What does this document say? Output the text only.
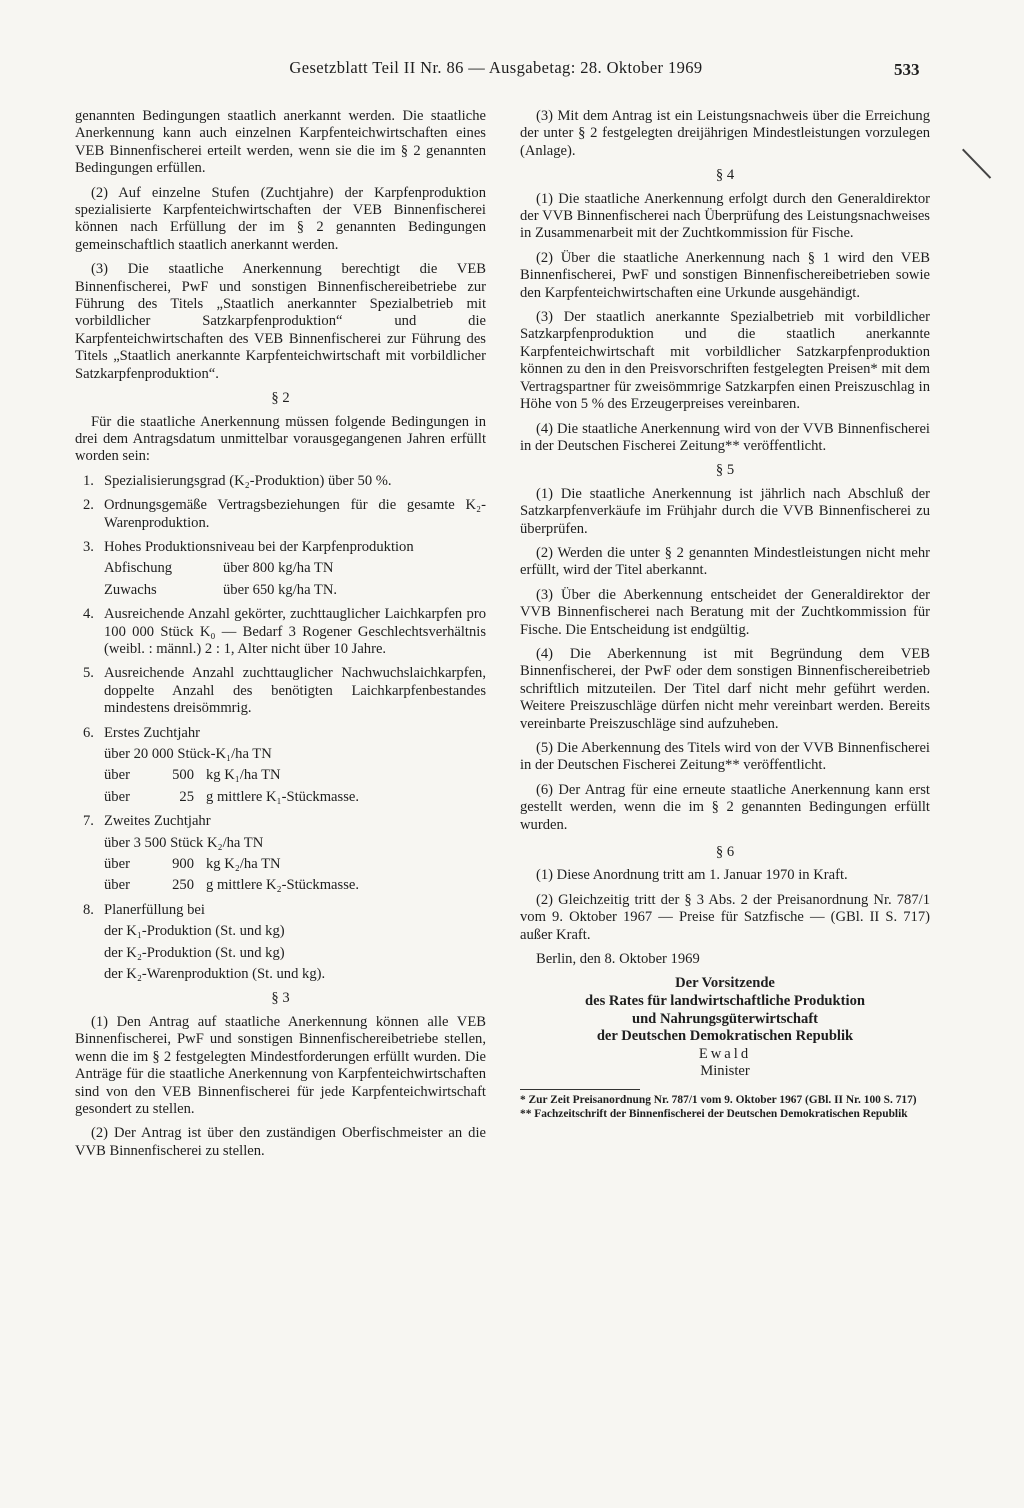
Gesetzblatt Teil II Nr. 86 — Ausgabetag: 28. Oktober 1969	533

genannten Bedingungen staatlich anerkannt werden. Die staatliche Anerkennung kann auch einzelnen Karpfenteichwirtschaften eines VEB Binnenfischerei erteilt werden, wenn sie die im § 2 genannten Bedingungen erfüllen.

(2) Auf einzelne Stufen (Zuchtjahre) der Karpfenproduktion spezialisierte Karpfenteichwirtschaften der VEB Binnenfischerei können nach Erfüllung der im § 2 genannten Bedingungen gemeinschaftlich staatlich anerkannt werden.

(3) Die staatliche Anerkennung berechtigt die VEB Binnenfischerei, PwF und sonstigen Binnenfischereibetriebe zur Führung des Titels „Staatlich anerkannter Spezialbetrieb mit vorbildlicher Satzkarpfenproduktion“ und die Karpfenteichwirtschaften des VEB Binnenfischerei zur Führung des Titels „Staatlich anerkannte Karpfenteichwirtschaft mit vorbildlicher Satzkarpfenproduktion“.

§ 2

Für die staatliche Anerkennung müssen folgende Bedingungen in drei dem Antragsdatum unmittelbar vorausgegangenen Jahren erfüllt worden sein:

1. Spezialisierungsgrad (K₂-Produktion) über 50 %.
2. Ordnungsgemäße Vertragsbeziehungen für die gesamte K₂-Warenproduktion.
3. Hohes Produktionsniveau bei der Karpfenproduktion
Abfischung	über 800 kg/ha TN
Zuwachs	über 650 kg/ha TN.
4. Ausreichende Anzahl gekörter, zuchttauglicher Laichkarpfen pro 100 000 Stück K₀ — Bedarf 3 Rogener Geschlechtsverhältnis (weibl. : männl.) 2 : 1, Alter nicht über 10 Jahre.
5. Ausreichende Anzahl zuchttauglicher Nachwuchslaichkarpfen, doppelte Anzahl des benötigten Laichkarpfenbestandes mindestens dreisömmrig.
6. Erstes Zuchtjahr
über 20 000 Stück-K₁/ha TN
über	500 kg K₁/ha TN
über	25 g mittlere K₁-Stückmasse.
7. Zweites Zuchtjahr
über 3 500 Stück K₂/ha TN
über	900 kg K₂/ha TN
über	250 g mittlere K₂-Stückmasse.
8. Planerfüllung bei
der K₁-Produktion (St. und kg)
der K₂-Produktion (St. und kg)
der K₂-Warenproduktion (St. und kg).
§ 3

(1) Den Antrag auf staatliche Anerkennung können alle VEB Binnenfischerei, PwF und sonstigen Binnenfischereibetriebe stellen, wenn die im § 2 festgelegten Mindestforderungen erfüllt wurden. Die Anträge für die staatliche Anerkennung von Karpfenteichwirtschaften sind von den VEB Binnenfischerei für jede Karpfenteichwirtschaft gesondert zu stellen.

(2) Der Antrag ist über den zuständigen Oberfischmeister an die VVB Binnenfischerei zu stellen.

(3) Mit dem Antrag ist ein Leistungsnachweis über die Erreichung der unter § 2 festgelegten dreijährigen Mindestleistungen vorzulegen (Anlage).

§ 4

(1) Die staatliche Anerkennung erfolgt durch den Generaldirektor der VVB Binnenfischerei nach Überprüfung des Leistungsnachweises in Zusammenarbeit mit der Zuchtkommission für Fische.

(2) Über die staatliche Anerkennung nach § 1 wird den VEB Binnenfischerei, PwF und sonstigen Binnenfischereibetrieben sowie den Karpfenteichwirtschaften eine Urkunde ausgehändigt.

(3) Der staatlich anerkannte Spezialbetrieb mit vorbildlicher Satzkarpfenproduktion und die staatlich anerkannte Karpfenteichwirtschaft mit vorbildlicher Satzkarpfenproduktion können zu den in den Preisvorschriften festgelegten Preisen* mit dem Vertragspartner für zweisömmrige Satzkarpfen einen Preiszuschlag in Höhe von 5 % des Erzeugerpreises vereinbaren.

(4) Die staatliche Anerkennung wird von der VVB Binnenfischerei in der Deutschen Fischerei Zeitung** veröffentlicht.

§ 5

(1) Die staatliche Anerkennung ist jährlich nach Abschluß der Satzkarpfenverkäufe im Frühjahr durch die VVB Binnenfischerei zu überprüfen.

(2) Werden die unter § 2 genannten Mindestleistungen nicht mehr erfüllt, wird der Titel aberkannt.

(3) Über die Aberkennung entscheidet der Generaldirektor der VVB Binnenfischerei nach Beratung mit der Zuchtkommission für Fische. Die Entscheidung ist endgültig.

(4) Die Aberkennung ist mit Begründung dem VEB Binnenfischerei, der PwF oder dem sonstigen Binnenfischereibetrieb schriftlich mitzuteilen. Der Titel darf nicht mehr geführt werden. Weitere Preiszuschläge dürfen nicht mehr vereinbart werden. Bereits vereinbarte Preiszuschläge sind aufzuheben.

(5) Die Aberkennung des Titels wird von der VVB Binnenfischerei in der Deutschen Fischerei Zeitung** veröffentlicht.

(6) Der Antrag für eine erneute staatliche Anerkennung kann erst gestellt werden, wenn die im § 2 genannten Bedingungen erfüllt wurden.

§ 6

(1) Diese Anordnung tritt am 1. Januar 1970 in Kraft.

(2) Gleichzeitig tritt der § 3 Abs. 2 der Preisanordnung Nr. 787/1 vom 9. Oktober 1967 — Preise für Satzfische — (GBl. II S. 717) außer Kraft.

Berlin, den 8. Oktober 1969

Der Vorsitzende
des Rates für landwirtschaftliche Produktion
und Nahrungsgüterwirtschaft
der Deutschen Demokratischen Republik
Ewald
Minister

* Zur Zeit Preisanordnung Nr. 787/1 vom 9. Oktober 1967 (GBl. II Nr. 100 S. 717)

** Fachzeitschrift der Binnenfischerei der Deutschen Demokratischen Republik
